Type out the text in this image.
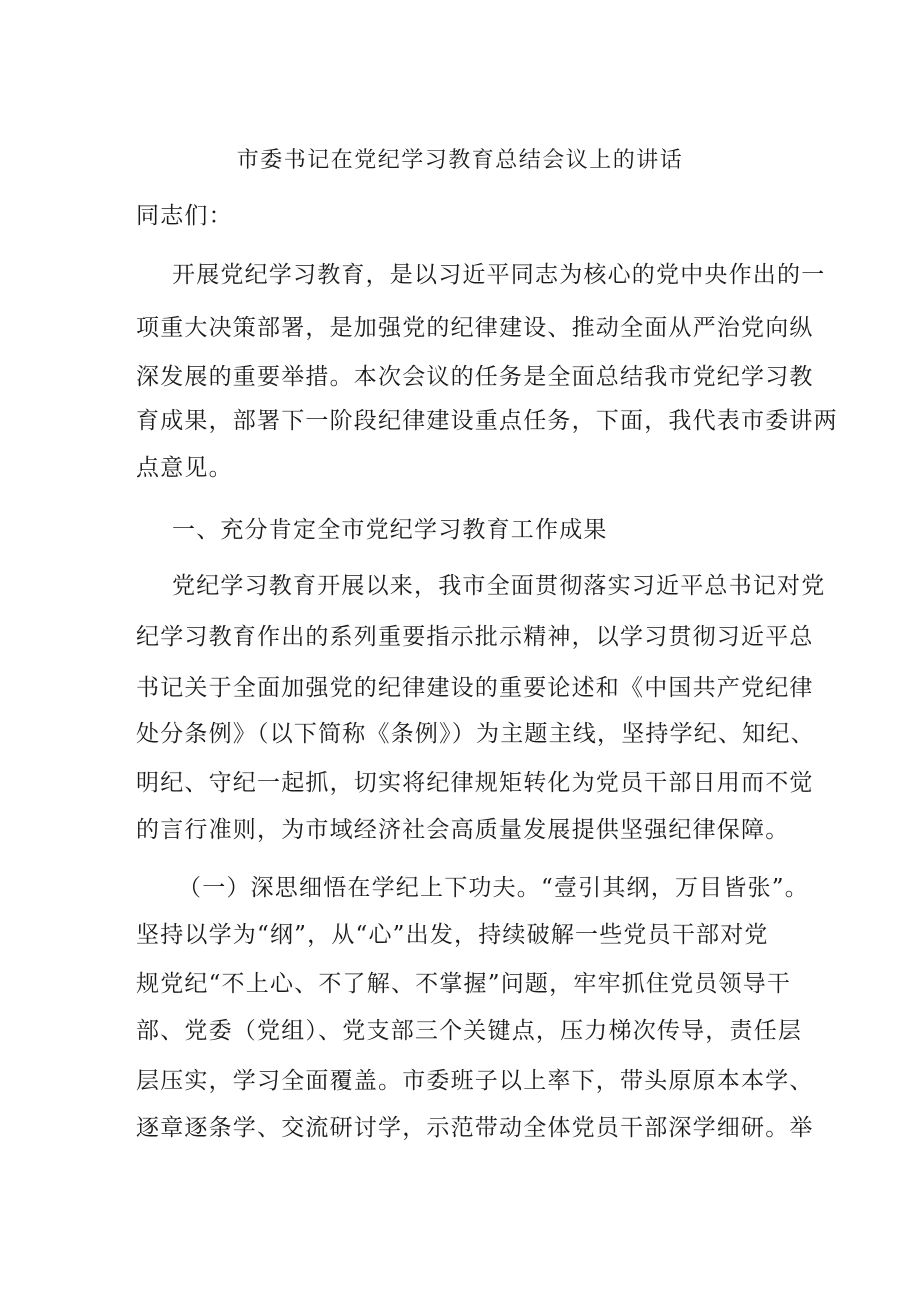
市委书记在党纪学习教育总结会议上的讲话
同志们：
开展党纪学习教育，是以习近平同志为核心的党中央作出的一
项重大决策部署，是加强党的纪律建设、推动全面从严治党向纵
深发展的重要举措。本次会议的任务是全面总结我市党纪学习教
育成果，部署下一阶段纪律建设重点任务，下面，我代表市委讲两
点意见。
一、充分肯定全市党纪学习教育工作成果
党纪学习教育开展以来，我市全面贯彻落实习近平总书记对党
纪学习教育作出的系列重要指示批示精神，以学习贯彻习近平总
书记关于全面加强党的纪律建设的重要论述和《中国共产党纪律
处分条例》（以下简称《条例》）为主题主线，坚持学纪、知纪、
明纪、守纪一起抓，切实将纪律规矩转化为党员干部日用而不觉
的言行准则，为市域经济社会高质量发展提供坚强纪律保障。
（一）深思细悟在学纪上下功夫。“壹引其纲，万目皆张”。
坚持以学为“纲”，从“心”出发，持续破解一些党员干部对党
规党纪“不上心、不了解、不掌握”问题，牢牢抓住党员领导干
部、党委（党组）、党支部三个关键点，压力梯次传导，责任层
层压实，学习全面覆盖。市委班子以上率下，带头原原本本学、
逐章逐条学、交流研讨学，示范带动全体党员干部深学细研。举
